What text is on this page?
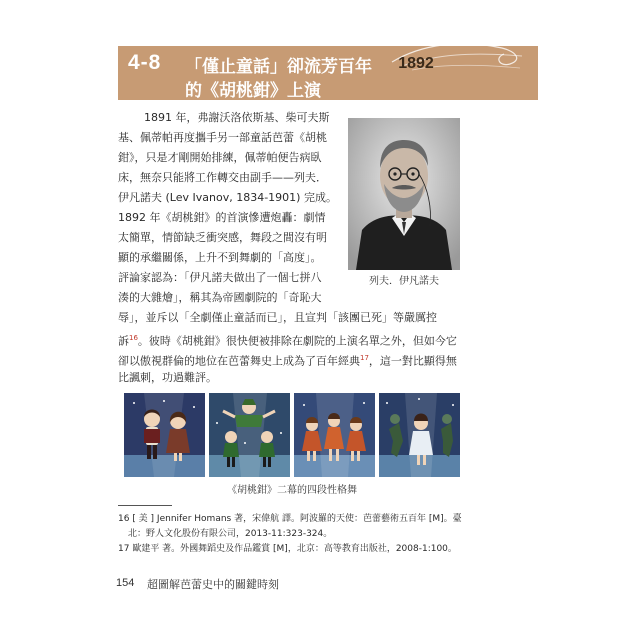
4-8 「僅止童話」卻流芳百年
的《胡桃鉗》上演
1892
1891 年，弗謝沃洛依斯基、柴可夫斯
基、佩蒂帕再度攜手另一部童話芭蕾《胡桃
鉗》，只是才剛開始排練，佩蒂帕便告病臥
床，無奈只能將工作轉交由副手——列夫．
伊凡諾夫 (Lev Ivanov, 1834-1901) 完成。
1892 年《胡桃鉗》的首演慘遭炮轟：劇情
太簡單，情節缺乏衝突感，舞段之間沒有明
顯的承繼關係，上升不到舞劇的「高度」。
評論家認為：「伊凡諾夫做出了一個七拼八
湊的大雜燴」，稱其為帝國劇院的「奇恥大
辱」，並斥以「全劇僅止童話而已」，且宣判「該團已死」等嚴厲控
訴$^{16}$。彼時《胡桃鉗》很快便被排除在劇院的上演名單之外，但如今它
卻以傲視群倫的地位在芭蕾舞史上成為了百年經典$^{17}$，這一對比顯得無
比諷刺，功過難評。
列夫．伊凡諾夫
《胡桃鉗》二幕的四段性格舞
16 [ 美 ] Jennifer Homans 著，宋偉航 譯。阿波羅的天使：芭蕾藝術五百年 [M]。臺
北：野人文化股份有限公司，2013-11:323-324。
17 歐建平 著。外國舞蹈史及作品鑑賞 [M]，北京：高等教育出版社，2008-1:100。
154 超圖解芭蕾史中的關鍵時刻
